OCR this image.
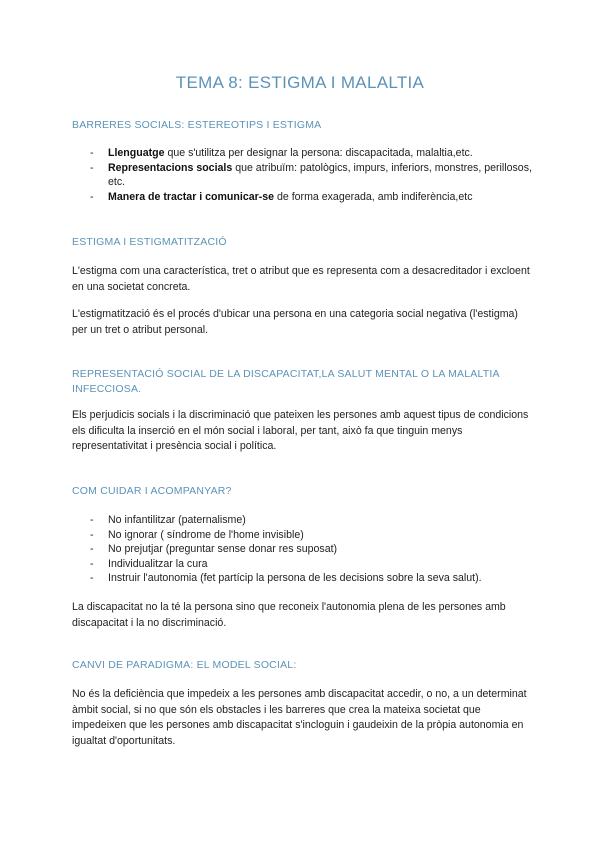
TEMA 8: ESTIGMA I MALALTIA
BARRERES SOCIALS: ESTEREOTIPS I ESTIGMA
- Llenguatge que s'utilitza per designar la persona: discapacitada, malaltia,etc.
- Representacions socials que atribuïm: patològics, impurs, inferiors, monstres, perillosos, etc.
- Manera de tractar i comunicar-se de forma exagerada, amb indiferència,etc
ESTIGMA I ESTIGMATITZACIÓ
L'estigma com una característica, tret o atribut que es representa com a desacreditador i excloent en una societat concreta.
L'estigmatització és el procés d'ubicar una persona en una categoria social negativa (l'estigma) per un tret o atribut personal.
REPRESENTACIÓ SOCIAL DE LA DISCAPACITAT,LA SALUT MENTAL O LA MALALTIA INFECCIOSA.
Els perjudicis socials i la discriminació que pateixen les persones amb aquest tipus de condicions els dificulta la inserció en el món social i laboral, per tant, això fa que tinguin menys representativitat i presència social i política.
COM CUIDAR I ACOMPANYAR?
- No infantilitzar (paternalisme)
- No ignorar ( síndrome de l'home invisible)
- No prejutjar (preguntar sense donar res suposat)
- Individualitzar la cura
- Instruir l'autonomia (fet partícip la persona de les decisions sobre la seva salut).
La discapacitat no la té la persona sino que reconeix l'autonomia plena de les persones amb discapacitat i la no discriminació.
CANVI DE PARADIGMA: EL MODEL SOCIAL:
No és la deficiència que impedeix a les persones amb discapacitat accedir, o no, a un determinat àmbit social, si no que són els obstacles i les barreres que crea la mateixa societat que impedeixen que les persones amb discapacitat s'incloguin i gaudeixin de la pròpia autonomia en igualtat d'oportunitats.
